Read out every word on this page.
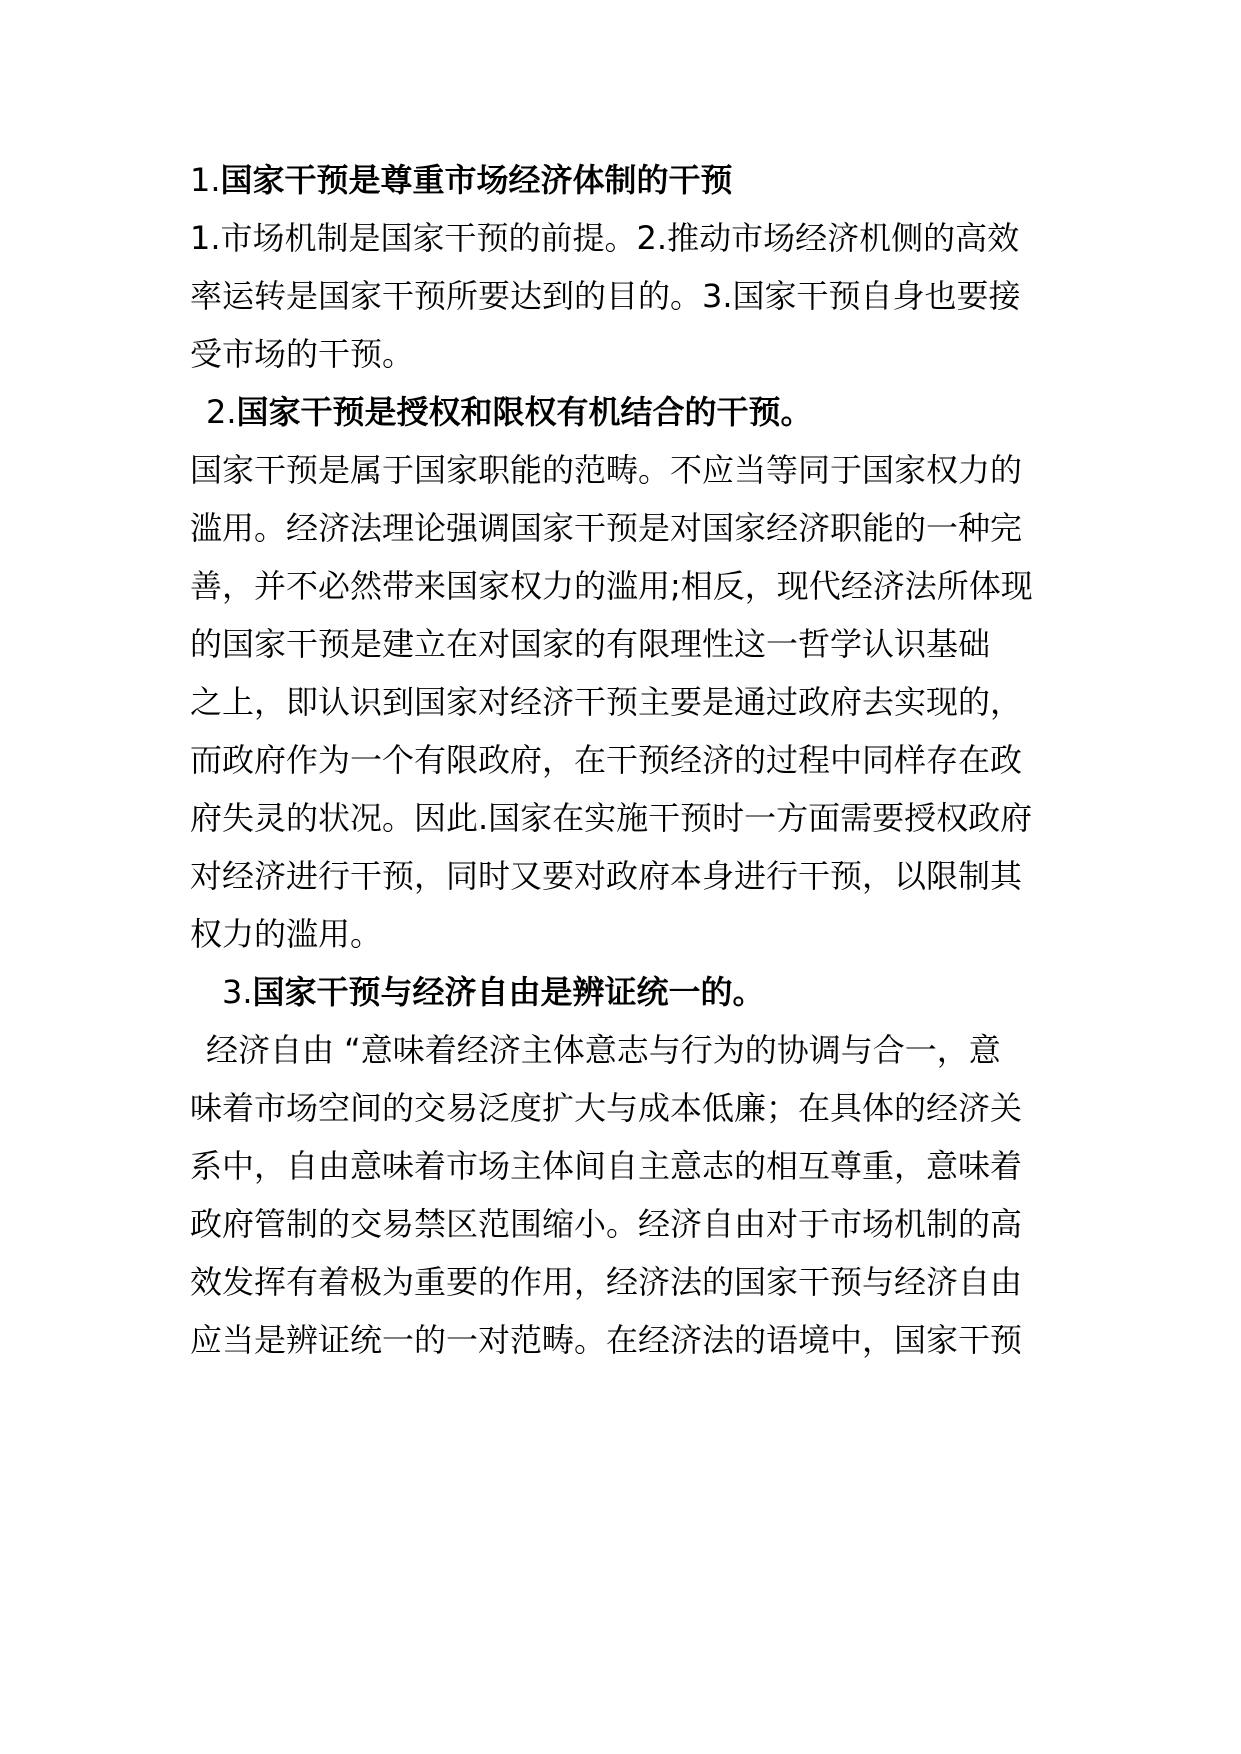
1.国家干预是尊重市场经济体制的干预
1.市场机制是国家干预的前提。2.推动市场经济机侧的高效
率运转是国家干预所要达到的目的。3.国家干预自身也要接
受市场的干预。
2.国家干预是授权和限权有机结合的干预。
国家干预是属于国家职能的范畴。不应当等同于国家权力的
滥用。经济法理论强调国家干预是对国家经济职能的一种完
善，并不必然带来国家权力的滥用;相反，现代经济法所体现
的国家干预是建立在对国家的有限理性这一哲学认识基础
之上，即认识到国家对经济干预主要是通过政府去实现的，
而政府作为一个有限政府，在干预经济的过程中同样存在政
府失灵的状况。因此.国家在实施干预时一方面需要授权政府
对经济进行干预，同时又要对政府本身进行干预，以限制其
权力的滥用。
3.国家干预与经济自由是辨证统一的。
经济自由 “意味着经济主体意志与行为的协调与合一，意
味着市场空间的交易泛度扩大与成本低廉；在具体的经济关
系中，自由意味着市场主体间自主意志的相互尊重，意味着
政府管制的交易禁区范围缩小。经济自由对于市场机制的高
效发挥有着极为重要的作用，经济法的国家干预与经济自由
应当是辨证统一的一对范畴。在经济法的语境中，国家干预
